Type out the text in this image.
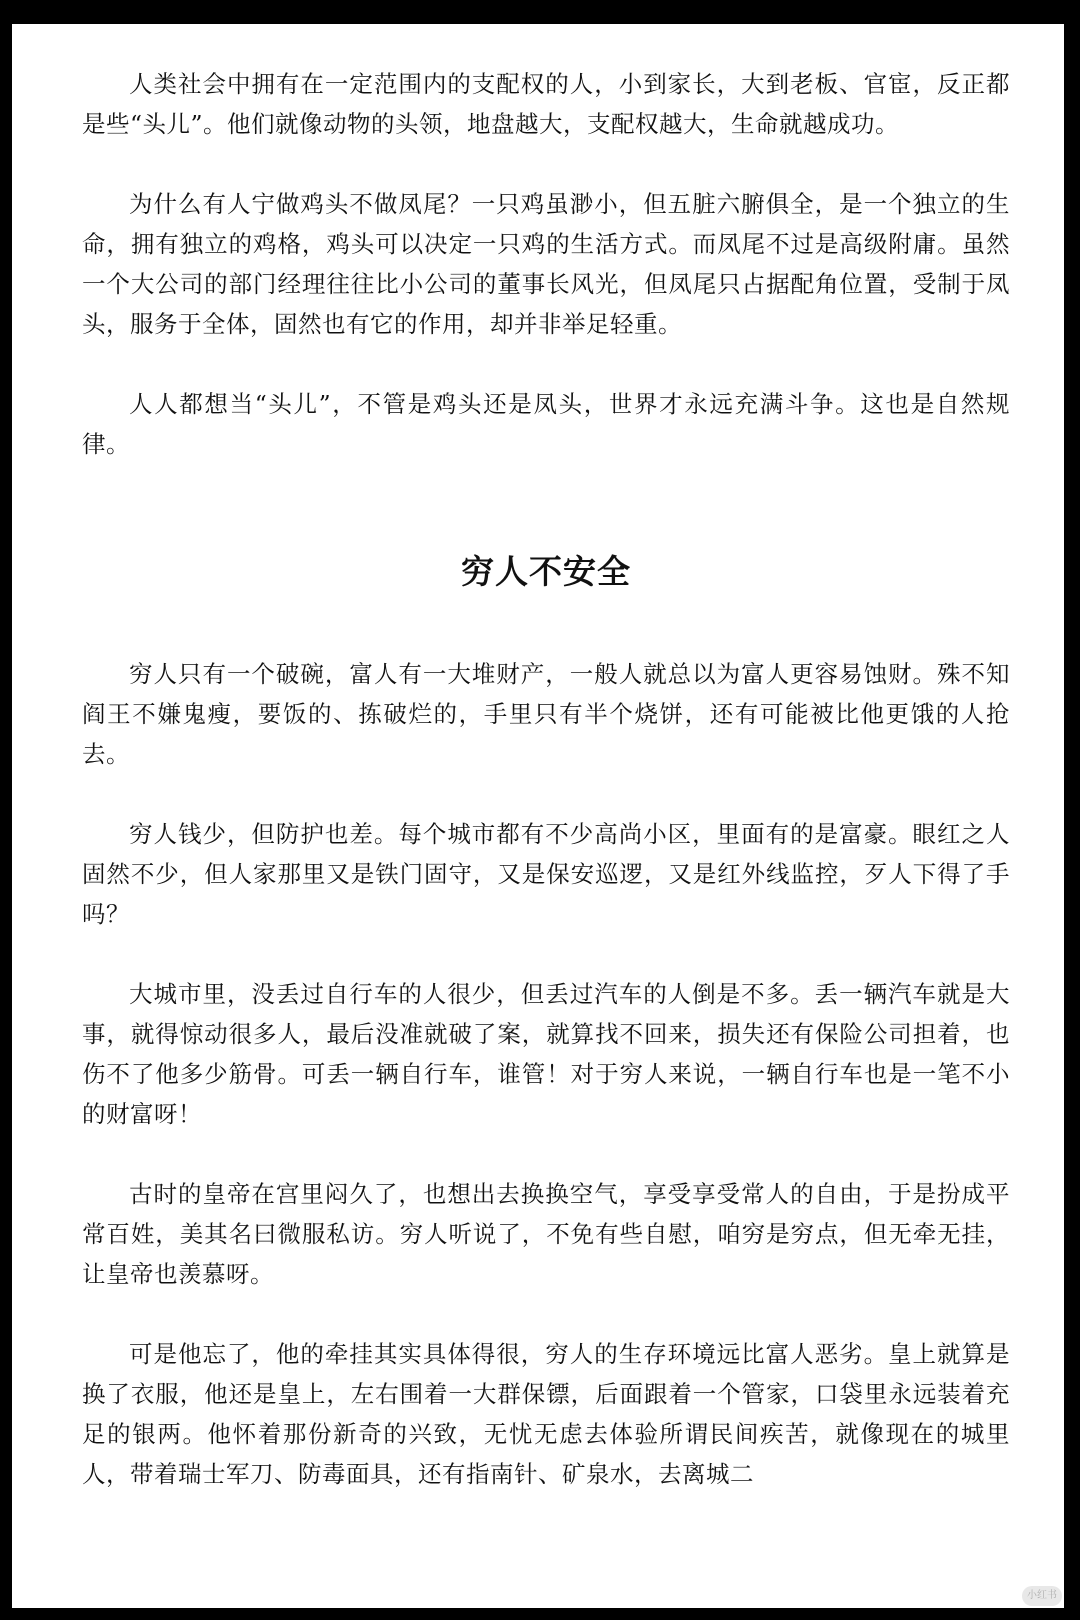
人类社会中拥有在一定范围内的支配权的人，小到家长，大到老板、官宦，反正都是些“头儿”。他们就像动物的头领，地盘越大，支配权越大，生命就越成功。

为什么有人宁做鸡头不做凤尾？一只鸡虽渺小，但五脏六腑俱全，是一个独立的生命，拥有独立的鸡格，鸡头可以决定一只鸡的生活方式。而凤尾不过是高级附庸。虽然一个大公司的部门经理往往比小公司的董事长风光，但凤尾只占据配角位置，受制于凤头，服务于全体，固然也有它的作用，却并非举足轻重。

人人都想当“头儿”，不管是鸡头还是凤头，世界才永远充满斗争。这也是自然规律。

穷人不安全

穷人只有一个破碗，富人有一大堆财产，一般人就总以为富人更容易蚀财。殊不知阎王不嫌鬼瘦，要饭的、拣破烂的，手里只有半个烧饼，还有可能被比他更饿的人抢去。

穷人钱少，但防护也差。每个城市都有不少高尚小区，里面有的是富豪。眼红之人固然不少，但人家那里又是铁门固守，又是保安巡逻，又是红外线监控，歹人下得了手吗？

大城市里，没丢过自行车的人很少，但丢过汽车的人倒是不多。丢一辆汽车就是大事，就得惊动很多人，最后没准就破了案，就算找不回来，损失还有保险公司担着，也伤不了他多少筋骨。可丢一辆自行车，谁管！对于穷人来说，一辆自行车也是一笔不小的财富呀！

古时的皇帝在宫里闷久了，也想出去换换空气，享受享受常人的自由，于是扮成平常百姓，美其名曰微服私访。穷人听说了，不免有些自慰，咱穷是穷点，但无牵无挂，让皇帝也羡慕呀。

可是他忘了，他的牵挂其实具体得很，穷人的生存环境远比富人恶劣。皇上就算是换了衣服，他还是皇上，左右围着一大群保镖，后面跟着一个管家，口袋里永远装着充足的银两。他怀着那份新奇的兴致，无忧无虑去体验所谓民间疾苦，就像现在的城里人，带着瑞士军刀、防毒面具，还有指南针、矿泉水，去离城二

小红书
